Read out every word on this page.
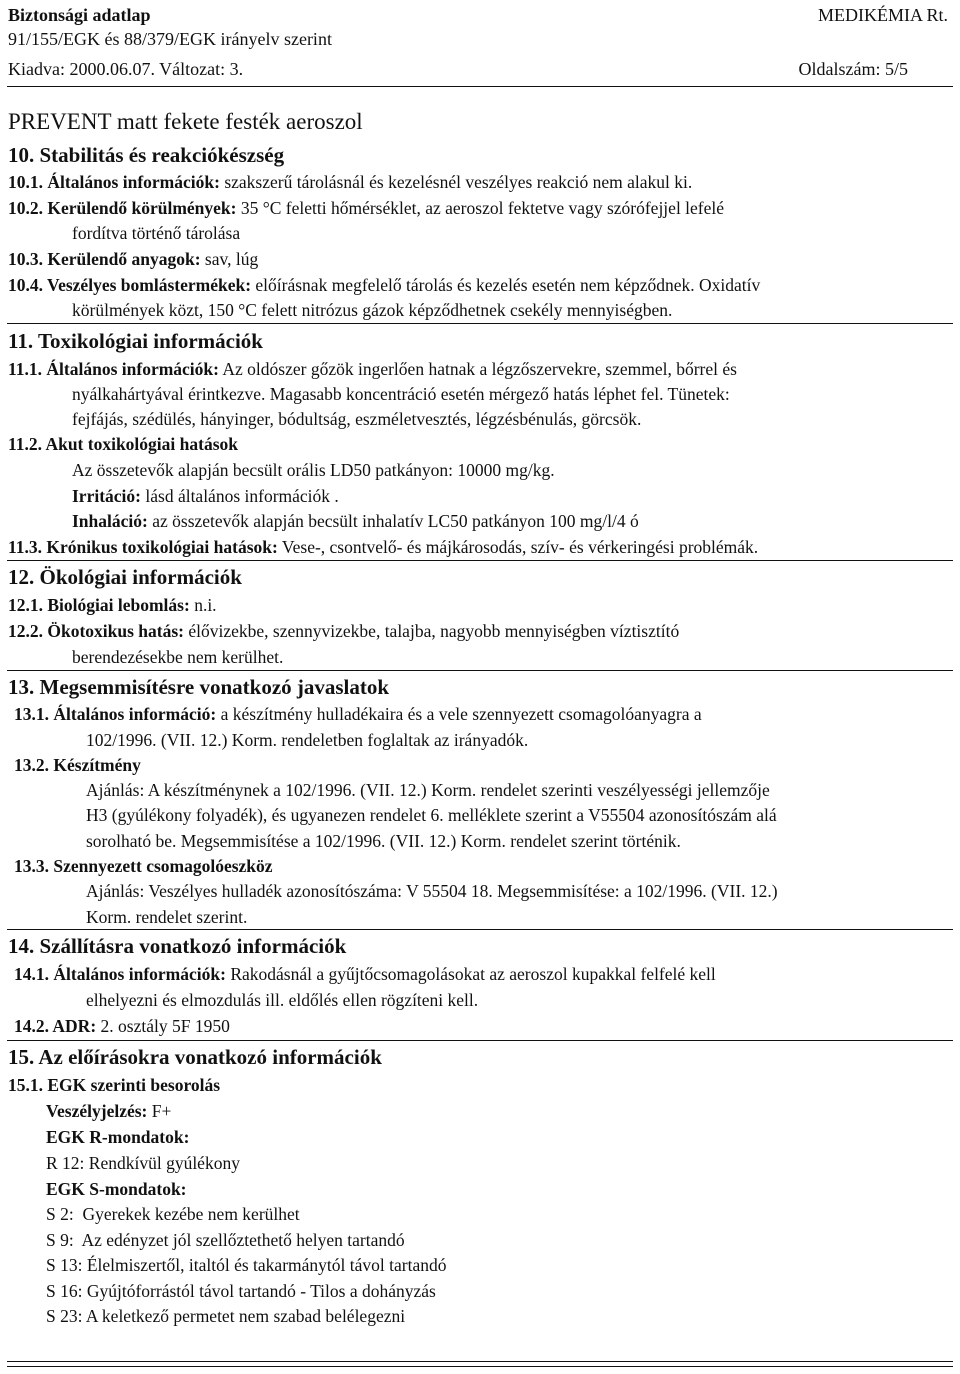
Biztonsági adatlap	MEDIKÉMIA Rt.
91/155/EGK és 88/379/EGK irányelv szerint
Kiadva: 2000.06.07. Változat: 3.	Oldalszám: 5/5
PREVENT matt fekete festék aeroszol
10. Stabilitás és reakciókészség
10.1. Általános információk: szakszerű tárolásnál és kezelésnél veszélyes reakció nem alakul ki.
10.2. Kerülendő körülmények: 35 °C feletti hőmérséklet, az aeroszol fektetve vagy szórófejjel lefelé
fordítva történő tárolása
10.3. Kerülendő anyagok: sav, lúg
10.4. Veszélyes bomlástermékek: előírásnak megfelelő tárolás és kezelés esetén nem képződnek. Oxidatív
körülmények közt, 150 °C felett nitrózus gázok képződhetnek csekély mennyiségben.
11. Toxikológiai információk
11.1. Általános információk: Az oldószer gőzök ingerlően hatnak a légzőszervekre, szemmel, bőrrel és
nyálkahártyával érintkezve. Magasabb koncentráció esetén mérgező hatás léphet fel. Tünetek:
fejfájás, szédülés, hányinger, bódultság, eszméletvesztés, légzésbénulás, görcsök.
11.2. Akut toxikológiai hatások
Az összetevők alapján becsült orális LD50 patkányon: 10000 mg/kg.
Irritáció: lásd általános információk .
Inhaláció: az összetevők alapján becsült inhalatív LC50 patkányon 100 mg/l/4 ó
11.3. Krónikus toxikológiai hatások: Vese-, csontvelő- és májkárosodás, szív- és vérkeringési problémák.
12. Ökológiai információk
12.1. Biológiai lebomlás: n.i.
12.2. Ökotoxikus hatás: élővizekbe, szennyvizekbe, talajba, nagyobb mennyiségben víztisztító
berendezésekbe nem kerülhet.
13. Megsemmisítésre vonatkozó javaslatok
13.1. Általános információ: a készítmény hulladékaira és a vele szennyezett csomagolóanyagra a
102/1996. (VII. 12.) Korm. rendeletben foglaltak az irányadók.
13.2. Készítmény
Ajánlás: A készítménynek a 102/1996. (VII. 12.) Korm. rendelet szerinti veszélyességi jellemzője
H3 (gyúlékony folyadék), és ugyanezen rendelet 6. melléklete szerint a V55504 azonosítószám alá
sorolható be. Megsemmisítése a 102/1996. (VII. 12.) Korm. rendelet szerint történik.
13.3. Szennyezett csomagolóeszköz
Ajánlás: Veszélyes hulladék azonosítószáma: V 55504 18. Megsemmisítése: a 102/1996. (VII. 12.)
Korm. rendelet szerint.
14. Szállításra vonatkozó információk
14.1. Általános információk: Rakodásnál a gyűjtőcsomagolásokat az aeroszol kupakkal felfelé kell
elhelyezni és elmozdulás ill. eldőlés ellen rögzíteni kell.
14.2. ADR: 2. osztály 5F 1950
15. Az előírásokra vonatkozó információk
15.1. EGK szerinti besorolás
Veszélyjelzés: F+
EGK R-mondatok:
R 12: Rendkívül gyúlékony
EGK S-mondatok:
S 2:  Gyerekek kezébe nem kerülhet
S 9:  Az edényzet jól szellőztethető helyen tartandó
S 13: Élelmiszertől, italtól és takarmánytól távol tartandó
S 16: Gyújtóforrástól távol tartandó - Tilos a dohányzás
S 23: A keletkező permetet nem szabad belélegezni
